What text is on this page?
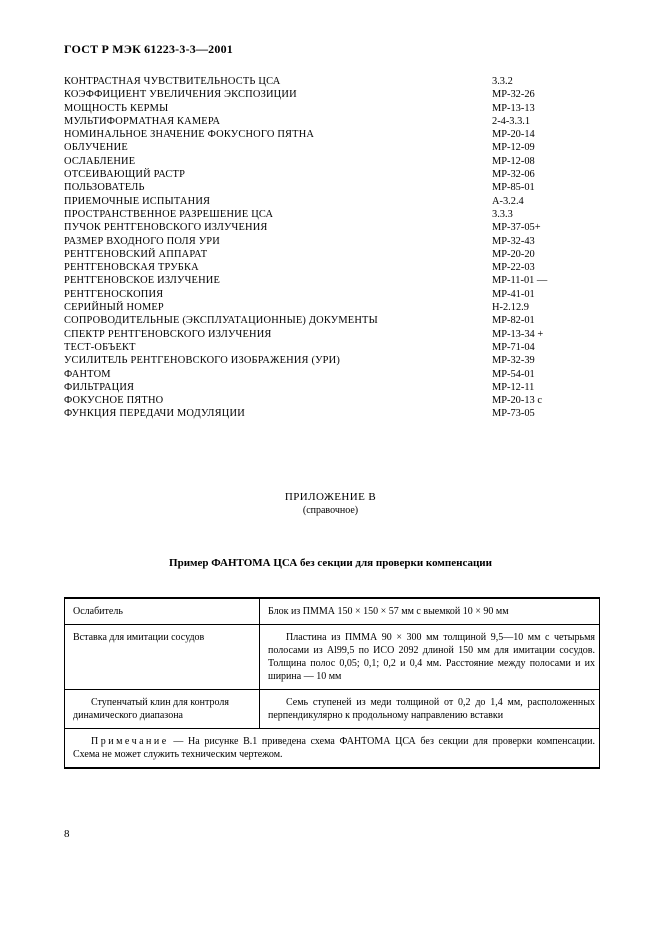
ГОСТ Р МЭК 61223-3-3—2001
КОНТРАСТНАЯ ЧУВСТВИТЕЛЬНОСТЬ ЦСА	3.3.2
КОЭФФИЦИЕНТ УВЕЛИЧЕНИЯ ЭКСПОЗИЦИИ	МР-32-26
МОЩНОСТЬ КЕРМЫ	МР-13-13
МУЛЬТИФОРМАТНАЯ КАМЕРА	2-4-3.3.1
НОМИНАЛЬНОЕ ЗНАЧЕНИЕ ФОКУСНОГО ПЯТНА	МР-20-14
ОБЛУЧЕНИЕ	МР-12-09
ОСЛАБЛЕНИЕ	МР-12-08
ОТСЕИВАЮЩИЙ РАСТР	МР-32-06
ПОЛЬЗОВАТЕЛЬ	МР-85-01
ПРИЕМОЧНЫЕ ИСПЫТАНИЯ	А-3.2.4
ПРОСТРАНСТВЕННОЕ РАЗРЕШЕНИЕ ЦСА	3.3.3
ПУЧОК РЕНТГЕНОВСКОГО ИЗЛУЧЕНИЯ	МР-37-05+
РАЗМЕР ВХОДНОГО ПОЛЯ УРИ	МР-32-43
РЕНТГЕНОВСКИЙ АППАРАТ	МР-20-20
РЕНТГЕНОВСКАЯ ТРУБКА	МР-22-03
РЕНТГЕНОВСКОЕ ИЗЛУЧЕНИЕ	МР-11-01 —
РЕНТГЕНОСКОПИЯ	МР-41-01
СЕРИЙНЫЙ НОМЕР	Н-2.12.9
СОПРОВОДИТЕЛЬНЫЕ (ЭКСПЛУАТАЦИОННЫЕ) ДОКУМЕНТЫ	МР-82-01
СПЕКТР РЕНТГЕНОВСКОГО ИЗЛУЧЕНИЯ	МР-13-34 +
ТЕСТ-ОБЪЕКТ	МР-71-04
УСИЛИТЕЛЬ РЕНТГЕНОВСКОГО ИЗОБРАЖЕНИЯ (УРИ)	МР-32-39
ФАНТОМ	МР-54-01
ФИЛЬТРАЦИЯ	МР-12-11
ФОКУСНОЕ ПЯТНО	МР-20-13 с
ФУНКЦИЯ ПЕРЕДАЧИ МОДУЛЯЦИИ	МР-73-05
ПРИЛОЖЕНИЕ В
(справочное)
Пример ФАНТОМА ЦСА без секции для проверки компенсации
Ослабитель	Блок из ПММА 150 × 150 × 57 мм с выемкой 10 × 90 мм
Вставка для имитации сосудов	Пластина из ПММА 90 × 300 мм толщиной 9,5—10 мм с четырьмя полосами из Al99,5 по ИСО 2092 длиной 150 мм для имитации сосудов. Толщина полос 0,05; 0,1; 0,2 и 0,4 мм. Расстояние между полосами и их ширина — 10 мм

Ступенчатый клин для контроля динамического диапазона	Семь ступеней из меди толщиной от 0,2 до 1,4 мм, расположенных перпендикулярно к продольному направлению вставки

Примечание — На рисунке В.1 приведена схема ФАНТОМА ЦСА без секции для проверки компенсации. Схема не может служить техническим чертежом.	
8
